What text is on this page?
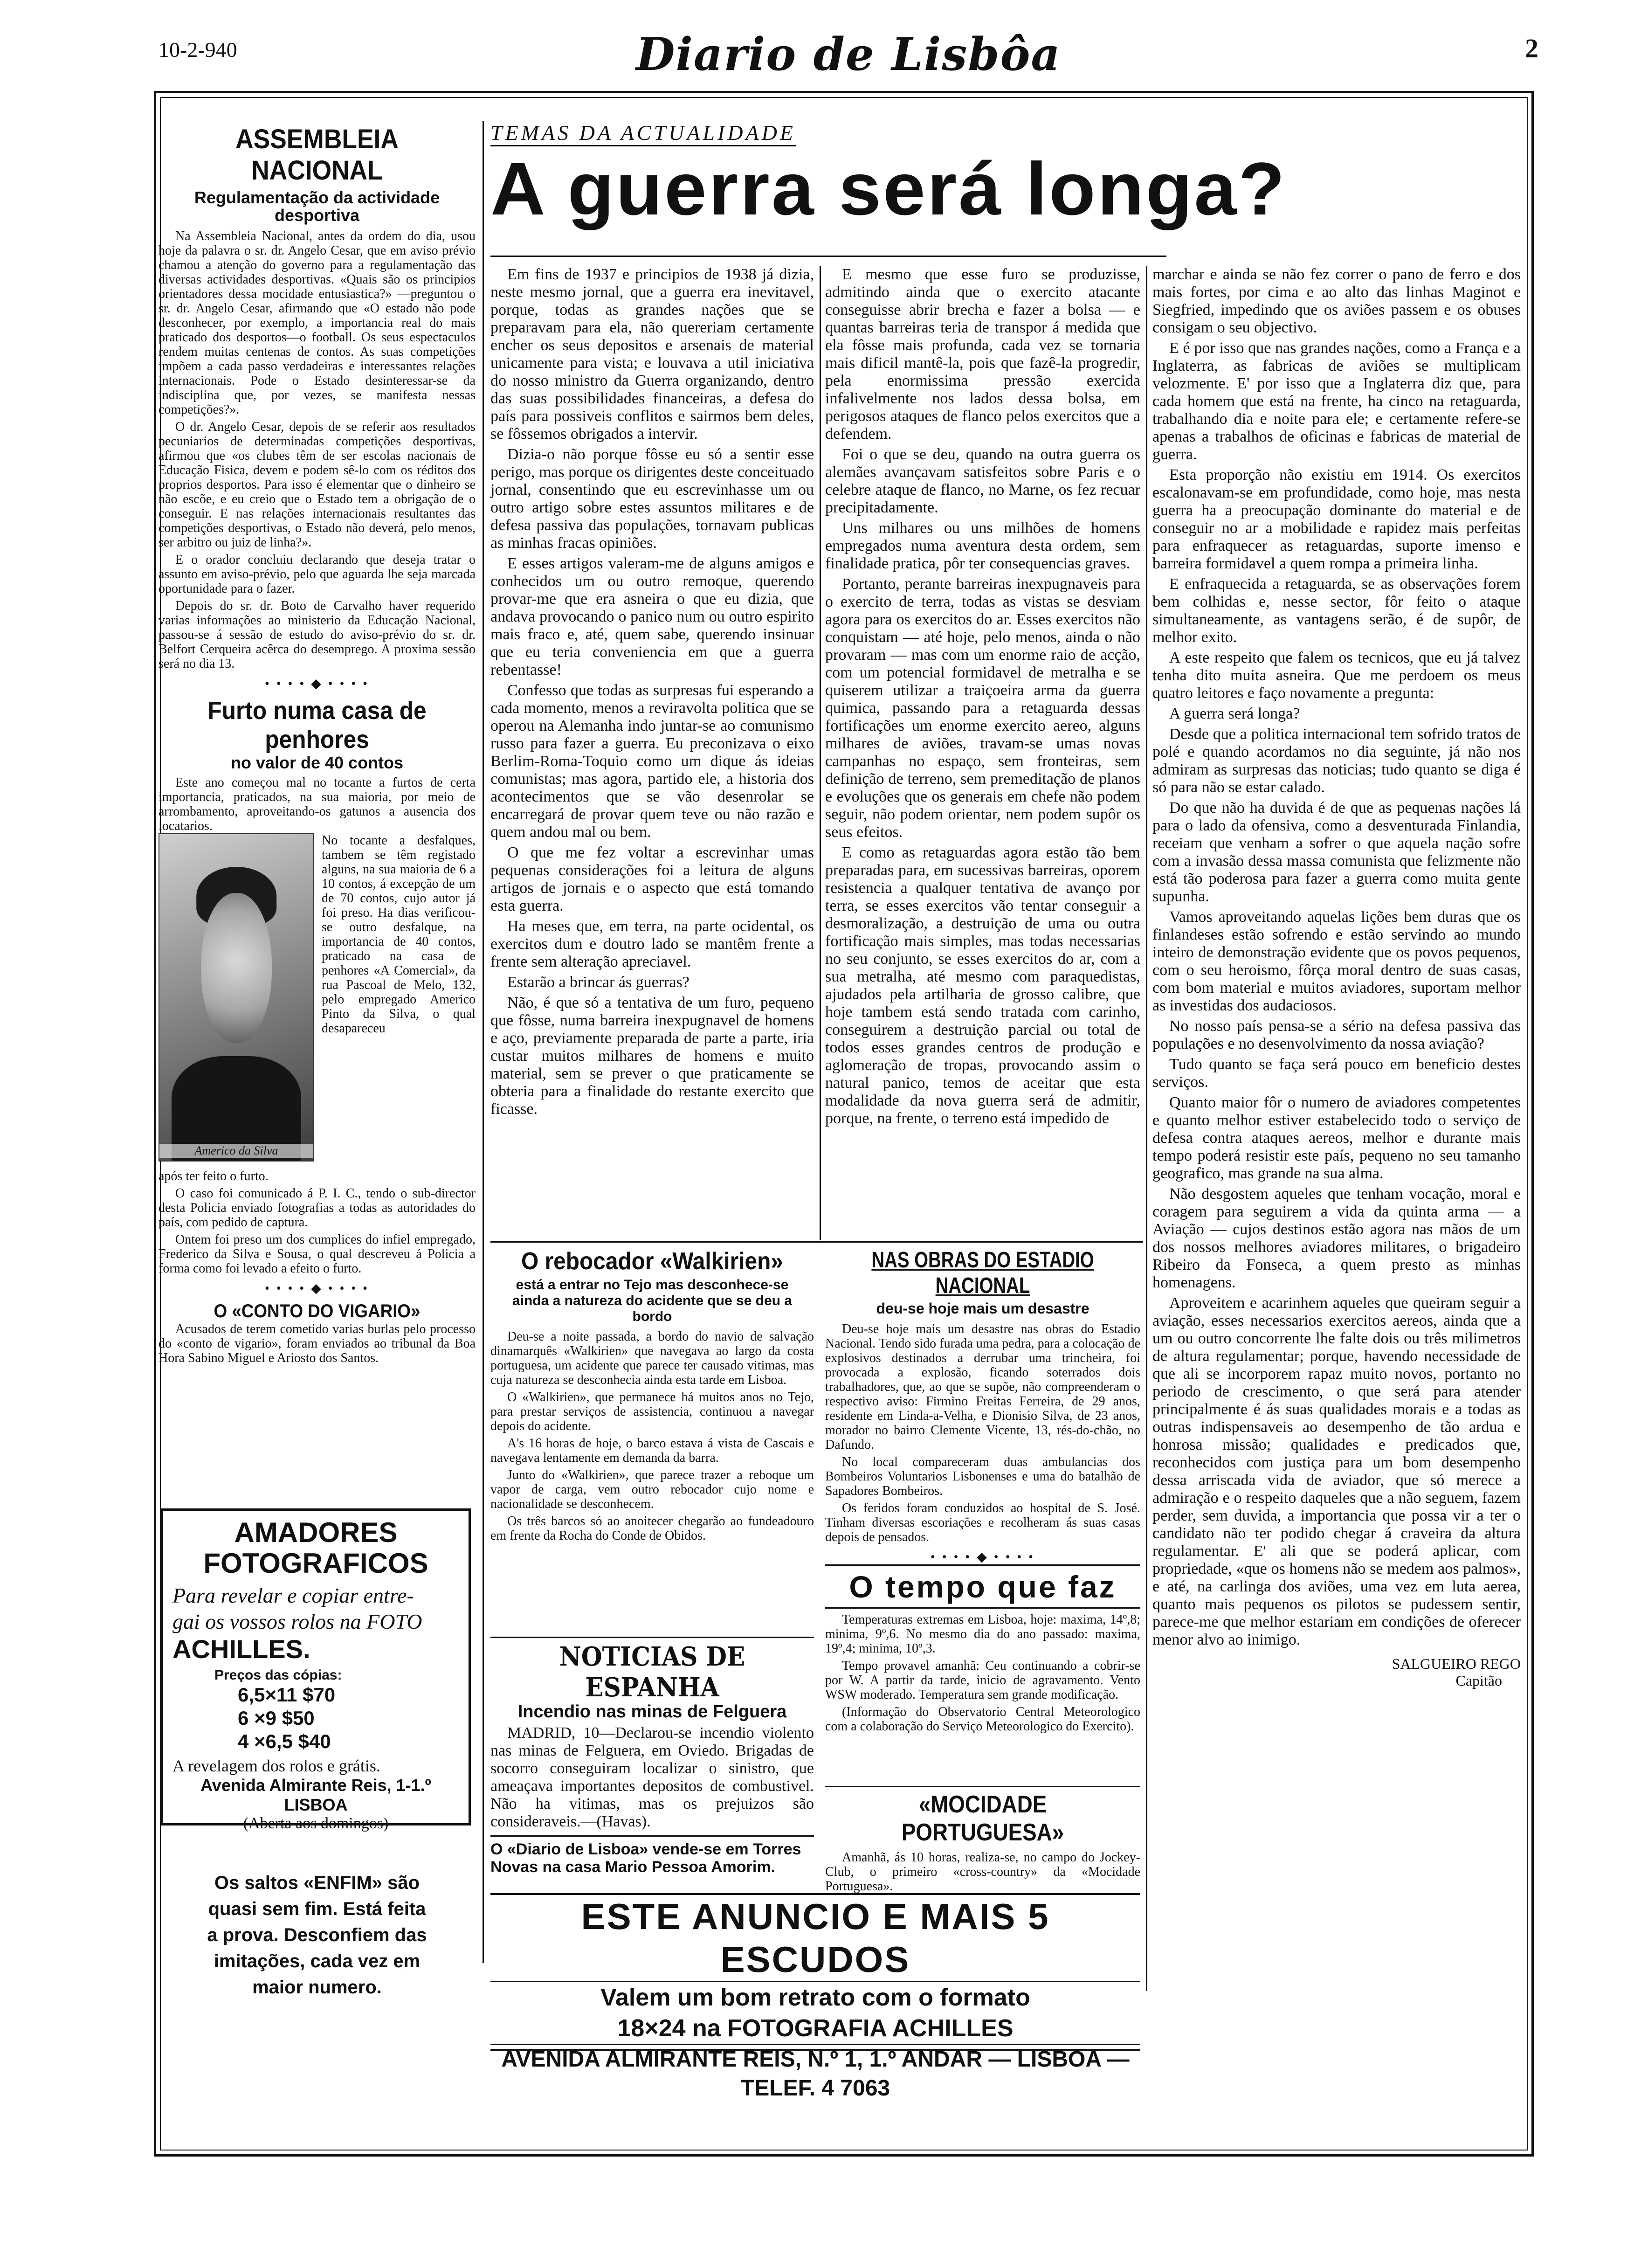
10-2-940	Diario de Lisbôa	2
ASSEMBLEIA NACIONAL
Regulamentação da actividade desportiva

Na Assembleia Nacional, antes da ordem do dia, usou hoje da palavra o sr. dr. Angelo Cesar, que em aviso prévio chamou a atenção do governo para a regulamentação das diversas actividades desportivas. «Quais são os principios orientadores dessa mocidade entusiastica?» —preguntou o sr. dr. Angelo Cesar, afirmando que «O estado não pode desconhecer, por exemplo, a importancia real do mais praticado dos desportos—o football. Os seus espectaculos rendem muitas centenas de contos. As suas competições impõem a cada passo verdadeiras e interessantes relações internacionais. Pode o Estado desinteressar-se da indisciplina que, por vezes, se manifesta nessas competições?».

O dr. Angelo Cesar, depois de se referir aos resultados pecuniarios de determinadas competições desportivas, afirmou que «os clubes têm de ser escolas nacionais de Educação Fisica, devem e podem sê-lo com os réditos dos proprios desportos. Para isso é elementar que o dinheiro se não escõe, e eu creio que o Estado tem a obrigação de o conseguir. E nas relações internacionais resultantes das competições desportivas, o Estado não deverá, pelo menos, ser arbitro ou juiz de linha?».

E o orador concluiu declarando que deseja tratar o assunto em aviso-prévio, pelo que aguarda lhe seja marcada oportunidade para o fazer.

Depois do sr. dr. Boto de Carvalho haver requerido varias informações ao ministerio da Educação Nacional, passou-se á sessão de estudo do aviso-prévio do sr. dr. Belfort Cerqueira acêrca do desemprego. A proxima sessão será no dia 13.

• • • • ◆ • • • •
Furto numa casa de penhores
no valor de 40 contos

Este ano começou mal no tocante a furtos de certa importancia, praticados, na sua maioria, por meio de arrombamento, aproveitando-os gatunos a ausencia dos locatarios.

Americo da Silva

No tocante a desfalques, tambem se têm registado alguns, na sua maioria de 6 a 10 contos, á excepção de um de 70 contos, cujo autor já foi preso. Ha dias verificou-se outro desfalque, na importancia de 40 contos, praticado na casa de penhores «A Comercial», da rua Pascoal de Melo, 132, pelo empregado Americo Pinto da Silva, o qual desapareceu

após ter feito o furto.

O caso foi comunicado á P. I. C., tendo o sub-director desta Policia enviado fotografias a todas as autoridades do país, com pedido de captura.

Ontem foi preso um dos cumplices do infiel empregado, Frederico da Silva e Sousa, o qual descreveu á Policia a forma como foi levado a efeito o furto.

• • • • ◆ • • • •
O «CONTO DO VIGARIO»

Acusados de terem cometido varias burlas pelo processo do «conto de vigario», foram enviados ao tribunal da Boa Hora Sabino Miguel e Ariosto dos Santos.

AMADORES FOTOGRAFICOS
Para revelar e copiar entre-
gai os vossos rolos na FOTO
ACHILLES.
Preços das cópias:
6,5×11 $70
6 ×9 $50
4 ×6,5 $40
A revelagem dos rolos e grátis.
Avenida Almirante Reis, 1-1.º
LISBOA
(Aberta aos domingos)
Os saltos «ENFIM» são
quasi sem fim. Está feita
a prova. Desconfiem das
imitações, cada vez em
maior numero.
TEMAS DA ACTUALIDADE
A guerra será longa?

Em fins de 1937 e principios de 1938 já dizia, neste mesmo jornal, que a guerra era inevitavel, porque, todas as grandes nações que se preparavam para ela, não quereriam certamente encher os seus depositos e arsenais de material unicamente para vista; e louvava a util iniciativa do nosso ministro da Guerra organizando, dentro das suas possibilidades financeiras, a defesa do país para possiveis conflitos e sairmos bem deles, se fôssemos obrigados a intervir.

Dizia-o não porque fôsse eu só a sentir esse perigo, mas porque os dirigentes deste conceituado jornal, consentindo que eu escrevinhasse um ou outro artigo sobre estes assuntos militares e de defesa passiva das populações, tornavam publicas as minhas fracas opiniões.

E esses artigos valeram-me de alguns amigos e conhecidos um ou outro remoque, querendo provar-me que era asneira o que eu dizia, que andava provocando o panico num ou outro espirito mais fraco e, até, quem sabe, querendo insinuar que eu teria conveniencia em que a guerra rebentasse!

Confesso que todas as surpresas fui esperando a cada momento, menos a reviravolta politica que se operou na Alemanha indo juntar-se ao comunismo russo para fazer a guerra. Eu preconizava o eixo Berlim-Roma-Toquio como um dique ás ideias comunistas; mas agora, partido ele, a historia dos acontecimentos que se vão desenrolar se encarregará de provar quem teve ou não razão e quem andou mal ou bem.

O que me fez voltar a escrevinhar umas pequenas considerações foi a leitura de alguns artigos de jornais e o aspecto que está tomando esta guerra.

Ha meses que, em terra, na parte ocidental, os exercitos dum e doutro lado se mantêm frente a frente sem alteração apreciavel.

Estarão a brincar ás guerras?

Não, é que só a tentativa de um furo, pequeno que fôsse, numa barreira inexpugnavel de homens e aço, previamente preparada de parte a parte, iria custar muitos milhares de homens e muito material, sem se prever o que praticamente se obteria para a finalidade do restante exercito que ficasse.

E mesmo que esse furo se produzisse, admitindo ainda que o exercito atacante conseguisse abrir brecha e fazer a bolsa — e quantas barreiras teria de transpor á medida que ela fôsse mais profunda, cada vez se tornaria mais dificil mantê-la, pois que fazê-la progredir, pela enormissima pressão exercida infalivelmente nos lados dessa bolsa, em perigosos ataques de flanco pelos exercitos que a defendem.

Foi o que se deu, quando na outra guerra os alemães avançavam satisfeitos sobre Paris e o celebre ataque de flanco, no Marne, os fez recuar precipitadamente.

Uns milhares ou uns milhões de homens empregados numa aventura desta ordem, sem finalidade pratica, pôr ter consequencias graves.

Portanto, perante barreiras inexpugnaveis para o exercito de terra, todas as vistas se desviam agora para os exercitos do ar. Esses exercitos não conquistam — até hoje, pelo menos, ainda o não provaram — mas com um enorme raio de acção, com um potencial formidavel de metralha e se quiserem utilizar a traiçoeira arma da guerra quimica, passando para a retaguarda dessas fortificações um enorme exercito aereo, alguns milhares de aviões, travam-se umas novas campanhas no espaço, sem fronteiras, sem definição de terreno, sem premeditação de planos e evoluções que os generais em chefe não podem seguir, não podem orientar, nem podem supôr os seus efeitos.

E como as retaguardas agora estão tão bem preparadas para, em sucessivas barreiras, oporem resistencia a qualquer tentativa de avanço por terra, se esses exercitos vão tentar conseguir a desmoralização, a destruição de uma ou outra fortificação mais simples, mas todas necessarias no seu conjunto, se esses exercitos do ar, com a sua metralha, até mesmo com paraquedistas, ajudados pela artilharia de grosso calibre, que hoje tambem está sendo tratada com carinho, conseguirem a destruição parcial ou total de todos esses grandes centros de produção e aglomeração de tropas, provocando assim o natural panico, temos de aceitar que esta modalidade da nova guerra será de admitir, porque, na frente, o terreno está impedido de

marchar e ainda se não fez correr o pano de ferro e dos mais fortes, por cima e ao alto das linhas Maginot e Siegfried, impedindo que os aviões passem e os obuses consigam o seu objectivo.

E é por isso que nas grandes nações, como a França e a Inglaterra, as fabricas de aviões se multiplicam velozmente. E' por isso que a Inglaterra diz que, para cada homem que está na frente, ha cinco na retaguarda, trabalhando dia e noite para ele; e certamente refere-se apenas a trabalhos de oficinas e fabricas de material de guerra.

Esta proporção não existiu em 1914. Os exercitos escalonavam-se em profundidade, como hoje, mas nesta guerra ha a preocupação dominante do material e de conseguir no ar a mobilidade e rapidez mais perfeitas para enfraquecer as retaguardas, suporte imenso e barreira formidavel a quem rompa a primeira linha.

E enfraquecida a retaguarda, se as observações forem bem colhidas e, nesse sector, fôr feito o ataque simultaneamente, as vantagens serão, é de supôr, de melhor exito.

A este respeito que falem os tecnicos, que eu já talvez tenha dito muita asneira. Que me perdoem os meus quatro leitores e faço novamente a pregunta:

A guerra será longa?

Desde que a politica internacional tem sofrido tratos de polé e quando acordamos no dia seguinte, já não nos admiram as surpresas das noticias; tudo quanto se diga é só para não se estar calado.

Do que não ha duvida é de que as pequenas nações lá para o lado da ofensiva, como a desventurada Finlandia, receiam que venham a sofrer o que aquela nação sofre com a invasão dessa massa comunista que felizmente não está tão poderosa para fazer a guerra como muita gente supunha.

Vamos aproveitando aquelas lições bem duras que os finlandeses estão sofrendo e estão servindo ao mundo inteiro de demonstração evidente que os povos pequenos, com o seu heroismo, fôrça moral dentro de suas casas, com bom material e muitos aviadores, suportam melhor as investidas dos audaciosos.

No nosso país pensa-se a sério na defesa passiva das populações e no desenvolvimento da nossa aviação?

Tudo quanto se faça será pouco em beneficio destes serviços.

Quanto maior fôr o numero de aviadores competentes e quanto melhor estiver estabelecido todo o serviço de defesa contra ataques aereos, melhor e durante mais tempo poderá resistir este país, pequeno no seu tamanho geografico, mas grande na sua alma.

Não desgostem aqueles que tenham vocação, moral e coragem para seguirem a vida da quinta arma — a Aviação — cujos destinos estão agora nas mãos de um dos nossos melhores aviadores militares, o brigadeiro Ribeiro da Fonseca, a quem presto as minhas homenagens.

Aproveitem e acarinhem aqueles que queiram seguir a aviação, esses necessarios exercitos aereos, ainda que a um ou outro concorrente lhe falte dois ou três milimetros de altura regulamentar; porque, havendo necessidade de que ali se incorporem rapaz muito novos, portanto no periodo de crescimento, o que será para atender principalmente é ás suas qualidades morais e a todas as outras indispensaveis ao desempenho de tão ardua e honrosa missão; qualidades e predicados que, reconhecidos com justiça para um bom desempenho dessa arriscada vida de aviador, que só merece a admiração e o respeito daqueles que a não seguem, fazem perder, sem duvida, a importancia que possa vir a ter o candidato não ter podido chegar á craveira da altura regulamentar. E' ali que se poderá aplicar, com propriedade, «que os homens não se medem aos palmos», e até, na carlinga dos aviões, uma vez em luta aerea, quanto mais pequenos os pilotos se pudessem sentir, parece-me que melhor estariam em condições de oferecer menor alvo ao inimigo.

SALGUEIRO REGO
Capitão
O rebocador «Walkirien»
está a entrar no Tejo mas desconhece-se ainda a natureza do acidente que se deu a bordo

Deu-se a noite passada, a bordo do navio de salvação dinamarquês «Walkirien» que navegava ao largo da costa portuguesa, um acidente que parece ter causado vitimas, mas cuja natureza se desconhecia ainda esta tarde em Lisboa.

O «Walkirien», que permanece há muitos anos no Tejo, para prestar serviços de assistencia, continuou a navegar depois do acidente.

A's 16 horas de hoje, o barco estava á vista de Cascais e navegava lentamente em demanda da barra.

Junto do «Walkirien», que parece trazer a reboque um vapor de carga, vem outro rebocador cujo nome e nacionalidade se desconhecem.

Os três barcos só ao anoitecer chegarão ao fundeadouro em frente da Rocha do Conde de Obidos.

NOTICIAS DE ESPANHA
Incendio nas minas de Felguera

MADRID, 10—Declarou-se incendio violento nas minas de Felguera, em Oviedo. Brigadas de socorro conseguiram localizar o sinistro, que ameaçava importantes depositos de combustivel. Não ha vitimas, mas os prejuizos são consideraveis.—(Havas).

O «Diario de Lisboa» vende-se em Torres Novas na casa Mario Pessoa Amorim.
NAS OBRAS DO ESTADIO NACIONAL
deu-se hoje mais um desastre

Deu-se hoje mais um desastre nas obras do Estadio Nacional. Tendo sido furada uma pedra, para a colocação de explosivos destinados a derrubar uma trincheira, foi provocada a explosão, ficando soterrados dois trabalhadores, que, ao que se supõe, não compreenderam o respectivo aviso: Firmino Freitas Ferreira, de 29 anos, residente em Linda-a-Velha, e Dionisio Silva, de 23 anos, morador no bairro Clemente Vicente, 13, rés-do-chão, no Dafundo.

No local compareceram duas ambulancias dos Bombeiros Voluntarios Lisbonenses e uma do batalhão de Sapadores Bombeiros.

Os feridos foram conduzidos ao hospital de S. José. Tinham diversas escoriações e recolheram ás suas casas depois de pensados.

• • • • ◆ • • • •
O tempo que faz

Temperaturas extremas em Lisboa, hoje: maxima, 14º,8; minima, 9º,6. No mesmo dia do ano passado: maxima, 19º,4; minima, 10º,3.

Tempo provavel amanhã: Ceu continuando a cobrir-se por W. A partir da tarde, inicio de agravamento. Vento WSW moderado. Temperatura sem grande modificação.

(Informação do Observatorio Central Meteorologico com a colaboração do Serviço Meteorologico do Exercito).

«MOCIDADE PORTUGUESA»

Amanhã, ás 10 horas, realiza-se, no campo do Jockey-Club, o primeiro «cross-country» da «Mocidade Portuguesa».

ESTE ANUNCIO E MAIS 5 ESCUDOS
Valem um bom retrato com o formato
18×24 na FOTOGRAFIA ACHILLES
AVENIDA ALMIRANTE REIS, N.º 1, 1.º ANDAR — LISBOA — TELEF. 4 7063
